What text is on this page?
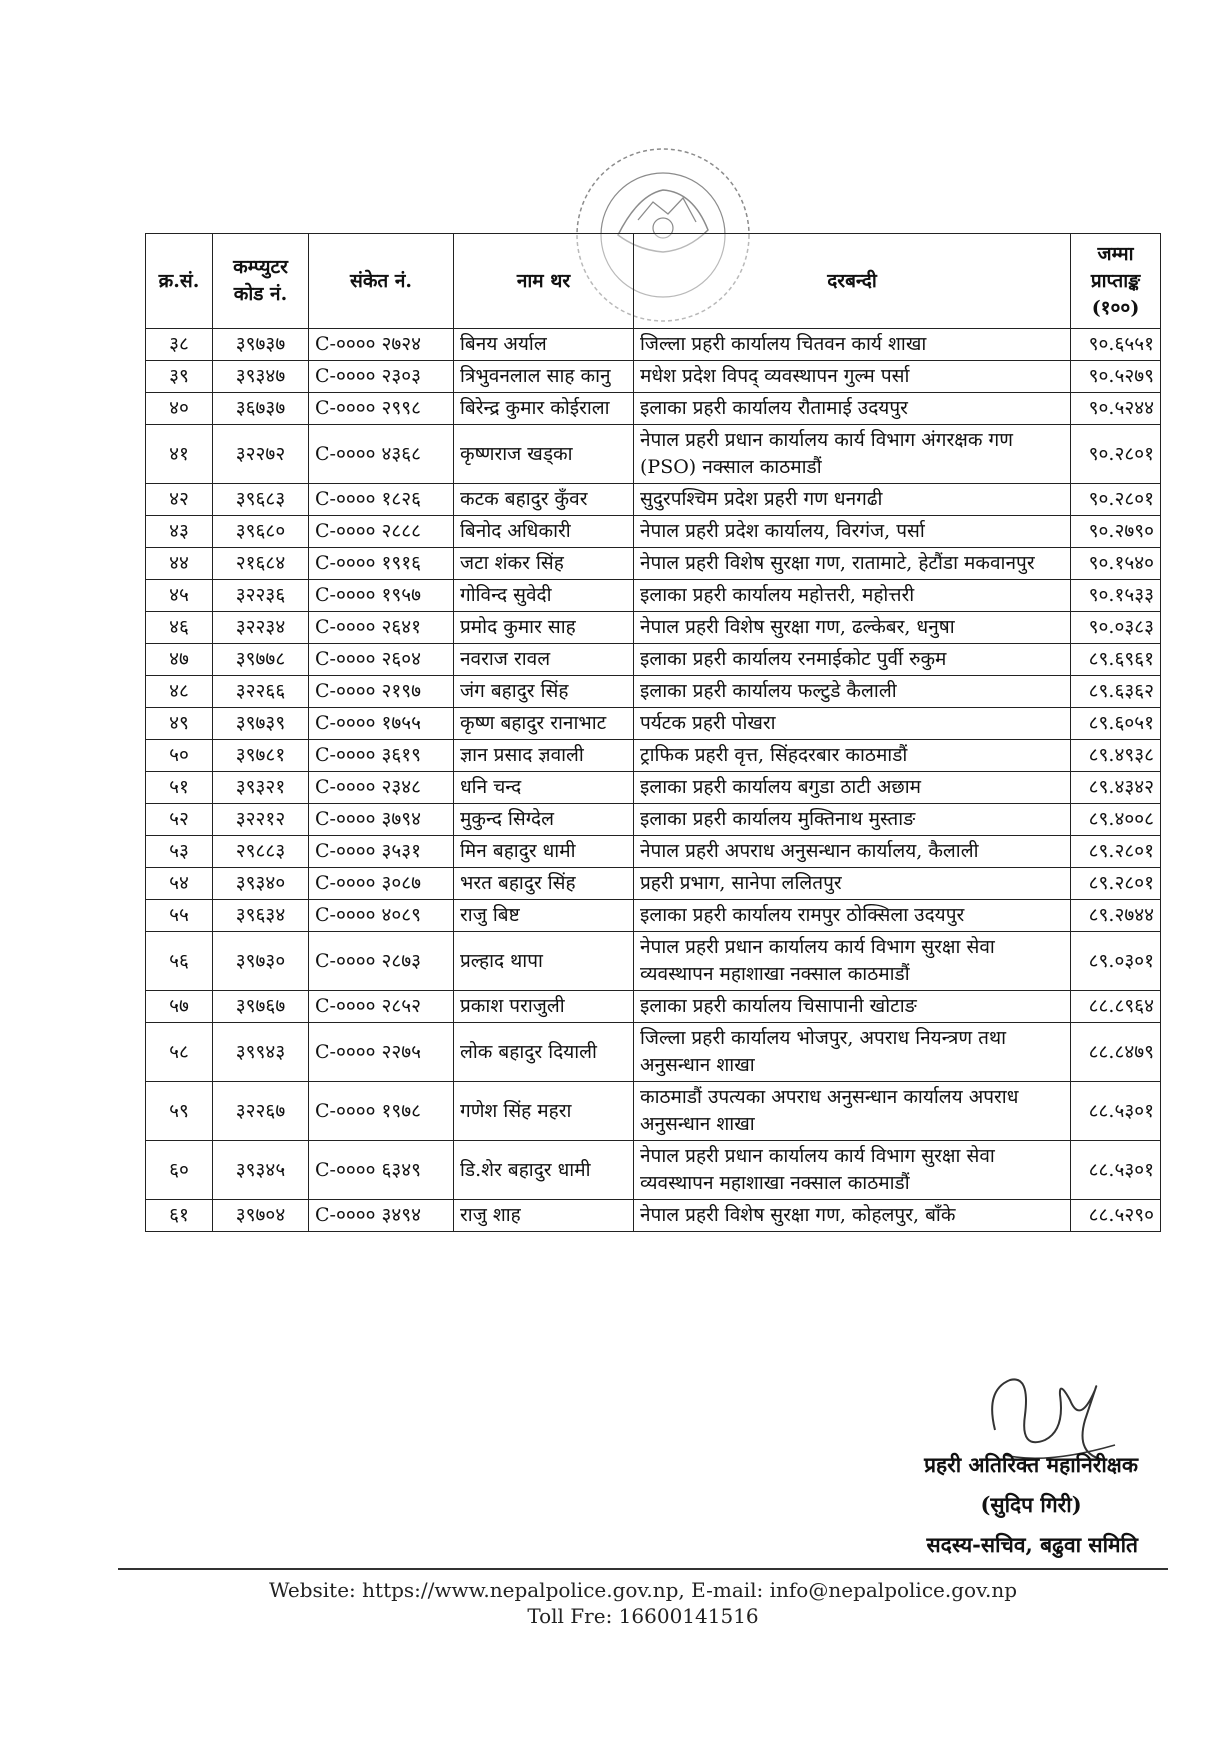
क्र.सं.	कम्प्युटर कोड नं.	संकेत नं.	नाम थर	दरबन्दी	जम्मा प्राप्ताङ्क (१००)
३८	३९७३७	C-०००० २७२४	बिनय अर्याल	जिल्ला प्रहरी कार्यालय चितवन कार्य शाखा	९०.६५५१
३९	३९३४७	C-०००० २३०३	त्रिभुवनलाल साह कानु	मधेश प्रदेश विपद् व्यवस्थापन गुल्म पर्सा	९०.५२७९
४०	३६७३७	C-०००० २९९८	बिरेन्द्र कुमार कोईराला	इलाका प्रहरी कार्यालय रौतामाई उदयपुर	९०.५२४४
४१	३२२७२	C-०००० ४३६८	कृष्णराज खड्का	नेपाल प्रहरी प्रधान कार्यालय कार्य विभाग अंगरक्षक गण (PSO) नक्साल काठमाडौं	९०.२८०१
४२	३९६८३	C-०००० १८२६	कटक बहादुर कुँवर	सुदुरपश्चिम प्रदेश प्रहरी गण धनगढी	९०.२८०१
४३	३९६८०	C-०००० २८८८	बिनोद अधिकारी	नेपाल प्रहरी प्रदेश कार्यालय, विरगंज, पर्सा	९०.२७९०
४४	२१६८४	C-०००० १९१६	जटा शंकर सिंह	नेपाल प्रहरी विशेष सुरक्षा गण, रातामाटे, हेटौंडा मकवानपुर	९०.१५४०
४५	३२२३६	C-०००० १९५७	गोविन्द सुवेदी	इलाका प्रहरी कार्यालय महोत्तरी, महोत्तरी	९०.१५३३
४६	३२२३४	C-०००० २६४१	प्रमोद कुमार साह	नेपाल प्रहरी विशेष सुरक्षा गण, ढल्केबर, धनुषा	९०.०३८३
४७	३९७७८	C-०००० २६०४	नवराज रावल	इलाका प्रहरी कार्यालय रनमाईकोट पुर्वी रुकुम	८९.६९६१
४८	३२२६६	C-०००० २१९७	जंग बहादुर सिंह	इलाका प्रहरी कार्यालय फल्टुडे कैलाली	८९.६३६२
४९	३९७३९	C-०००० १७५५	कृष्ण बहादुर रानाभाट	पर्यटक प्रहरी पोखरा	८९.६०५१
५०	३९७८१	C-०००० ३६१९	ज्ञान प्रसाद ज्ञवाली	ट्राफिक प्रहरी वृत्त, सिंहदरबार काठमाडौं	८९.४९३८
५१	३९३२१	C-०००० २३४८	धनि चन्द	इलाका प्रहरी कार्यालय बगुडा ठाटी अछाम	८९.४३४२
५२	३२२१२	C-०००० ३७९४	मुकुन्द सिग्देल	इलाका प्रहरी कार्यालय मुक्तिनाथ मुस्ताङ	८९.४००८
५३	२९८८३	C-०००० ३५३१	मिन बहादुर धामी	नेपाल प्रहरी अपराध अनुसन्धान कार्यालय, कैलाली	८९.२८०१
५४	३९३४०	C-०००० ३०८७	भरत बहादुर सिंह	प्रहरी प्रभाग, सानेपा ललितपुर	८९.२८०१
५५	३९६३४	C-०००० ४०८९	राजु बिष्ट	इलाका प्रहरी कार्यालय रामपुर ठोक्सिला उदयपुर	८९.२७४४
५६	३९७३०	C-०००० २८७३	प्रल्हाद थापा	नेपाल प्रहरी प्रधान कार्यालय कार्य विभाग सुरक्षा सेवा व्यवस्थापन महाशाखा नक्साल काठमाडौं	८९.०३०१
५७	३९७६७	C-०००० २८५२	प्रकाश पराजुली	इलाका प्रहरी कार्यालय चिसापानी खोटाङ	८८.८९६४
५८	३९९४३	C-०००० २२७५	लोक बहादुर दियाली	जिल्ला प्रहरी कार्यालय भोजपुर, अपराध नियन्त्रण तथा अनुसन्धान शाखा	८८.८४७९
५९	३२२६७	C-०००० १९७८	गणेश सिंह महरा	काठमाडौं उपत्यका अपराध अनुसन्धान कार्यालय अपराध अनुसन्धान शाखा	८८.५३०१
६०	३९३४५	C-०००० ६३४९	डि.शेर बहादुर धामी	नेपाल प्रहरी प्रधान कार्यालय कार्य विभाग सुरक्षा सेवा व्यवस्थापन महाशाखा नक्साल काठमाडौं	८८.५३०१
६१	३९७०४	C-०००० ३४९४	राजु शाह	नेपाल प्रहरी विशेष सुरक्षा गण, कोहलपुर, बाँके	८८.५२९०
प्रहरी अतिरिक्त महानिरीक्षक
(सुदिप गिरी)
सदस्य-सचिव, बढुवा समिति
Website: https://www.nepalpolice.gov.np, E-mail: info@nepalpolice.gov.np
Toll Fre: 16600141516
